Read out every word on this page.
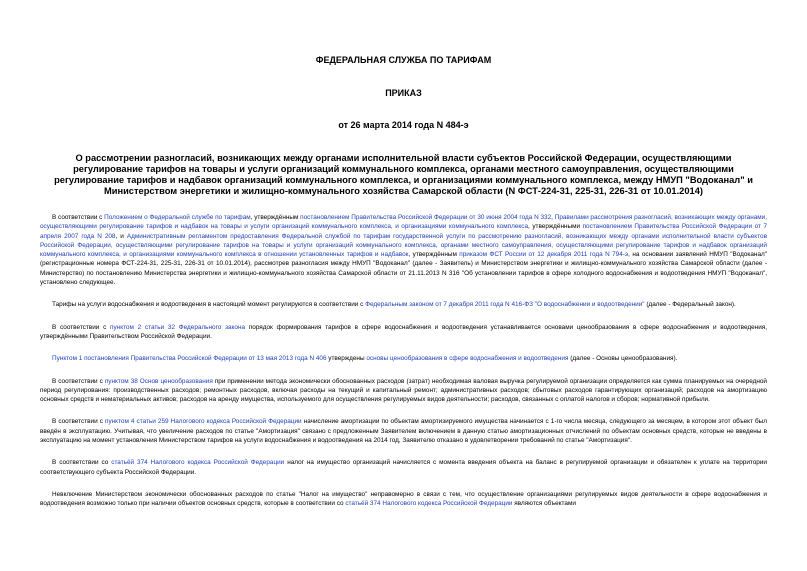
ФЕДЕРАЛЬНАЯ СЛУЖБА ПО ТАРИФАМ

ПРИКАЗ

от 26 марта 2014 года N 484-э

О рассмотрении разногласий, возникающих между органами исполнительной власти субъектов Российской Федерации, осуществляющими регулирование тарифов на товары и услуги организаций коммунального комплекса, органами местного самоуправления, осуществляющими регулирование тарифов и надбавок организаций коммунального комплекса, и организациями коммунального комплекса, между НМУП "Водоканал" и Министерством энергетики и жилищно-коммунального хозяйства Самарской области (N ФСТ-224-31, 225-31, 226-31 от 10.01.2014)

В соответствии с Положением о Федеральной службе по тарифам, утверждённым постановлением Правительства Российской Федерации от 30 июня 2004 года N 332, Правилами рассмотрения разногласий, возникающих между органами, осуществляющими регулирование тарифов и надбавок на товары и услуги организаций коммунального комплекса, и организациями коммунального комплекса, утверждёнными постановлением Правительства Российской Федерации от 7 апреля 2007 года N 208, и Административным регламентом предоставления Федеральной службой по тарифам государственной услуги по рассмотрению разногласий, возникающих между органами исполнительной власти субъектов Российской Федерации, осуществляющими регулирование тарифов на товары и услуги организаций коммунального комплекса, органами местного самоуправления, осуществляющими регулирование тарифов и надбавок организаций коммунального комплекса, и организациями коммунального комплекса в отношении установленных тарифов и надбавок, утверждённым приказом ФСТ России от 12 декабря 2011 года N 794-э, на основании заявлений НМУП "Водоканал" (регистрационные номера ФСТ-224-31, 225-31, 226-31 от 10.01.2014), рассмотрев разногласия между НМУП "Водоканал" (далее - Заявитель) и Министерством энергетики и жилищно-коммунального хозяйства Самарской области (далее - Министерство) по постановлению Министерства энергетики и жилищно-коммунального хозяйства Самарской области от 21.11.2013 N 316 "Об установлении тарифов в сфере холодного водоснабжения и водоотведения НМУП "Водоканал", установлено следующее.

Тарифы на услуги водоснабжения и водоотведения в настоящий момент регулируются в соответствии с Федеральным законом от 7 декабря 2011 года N 416-ФЗ "О водоснабжении и водоотведении" (далее - Федеральный закон).

В соответствии с пунктом 2 статьи 32 Федерального закона порядок формирования тарифов в сфере водоснабжения и водоотведения устанавливается основами ценообразования в сфере водоснабжения и водоотведения, утверждёнными Правительством Российской Федерации.

Пунктом 1 постановления Правительства Российской Федерации от 13 мая 2013 года N 406 утверждены основы ценообразования в сфере водоснабжения и водоотведения (далее - Основы ценообразования).

В соответствии с пунктом 38 Основ ценообразования при применении метода экономически обоснованных расходов (затрат) необходимая валовая выручка регулируемой организации определяется как сумма планируемых на очередной период регулирования: производственных расходов; ремонтных расходов, включая расходы на текущий и капитальный ремонт; административных расходов; сбытовых расходов гарантирующих организаций; расходов на амортизацию основных средств и нематериальных активов; расходов на аренду имущества, используемого для осуществления регулируемых видов деятельности; расходов, связанных с оплатой налогов и сборов; нормативной прибыли.

В соответствии с пунктом 4 статьи 259 Налогового кодекса Российской Федерации начисление амортизации по объектам амортизируемого имущества начинается с 1-го числа месяца, следующего за месяцем, в котором этот объект был введён в эксплуатацию. Учитывая, что увеличение расходов по статье "Амортизация" связано с предложенным Заявителем включением в данную статью амортизационных отчислений по объектам основных средств, которые не введены в эксплуатацию на момент установления Министерством тарифов на услуги водоснабжения и водоотведения на 2014 год, Заявителю отказано в удовлетворении требований по статье "Амортизация".

В соответствии со статьёй 374 Налогового кодекса Российской Федерации налог на имущество организаций начисляется с момента введения объекта на баланс в регулируемой организации и обязателен к уплате на территории соответствующего субъекта Российской Федерации.

Невключение Министерством экономически обоснованных расходов по статье "Налог на имущество" неправомерно в связи с тем, что осуществление организациями регулируемых видов деятельности в сфере водоснабжения и водоотведения возможно только при наличии объектов основных средств, которые в соответствии со статьёй 374 Налогового кодекса Российской Федерации являются объектами
